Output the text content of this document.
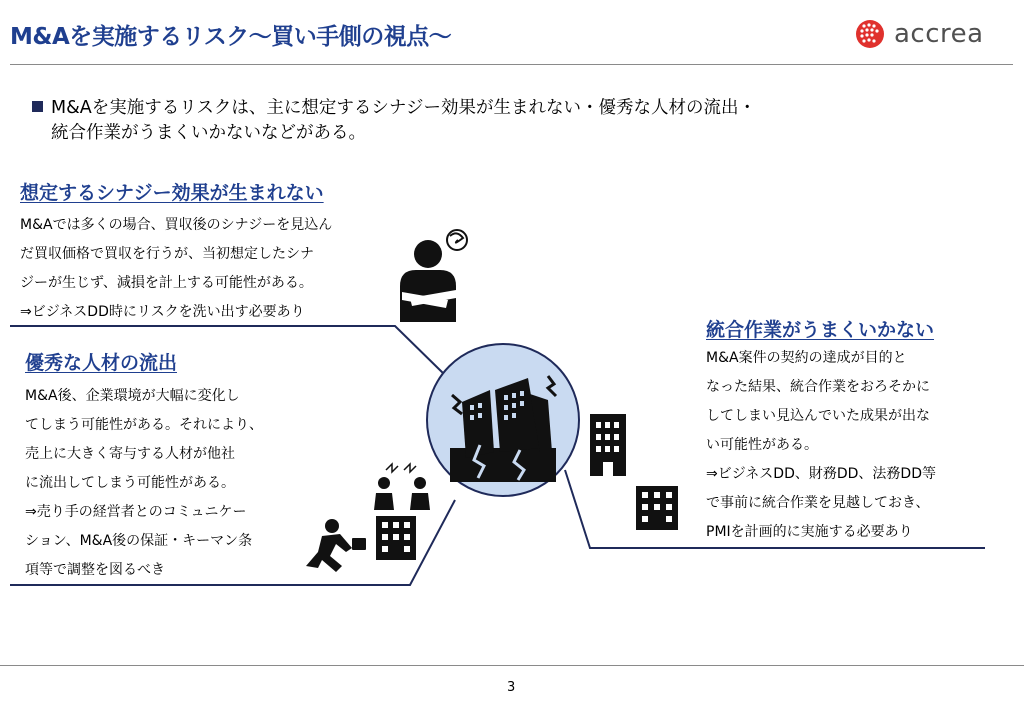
M&Aを実施するリスク～買い手側の視点～	accrea
M&Aを実施するリスクは、主に想定するシナジー効果が生まれない・優秀な人材の流出・
統合作業がうまくいかないなどがある。
想定するシナジー効果が生まれない
M&Aでは多くの場合、買収後のシナジーを見込ん
だ買収価格で買収を行うが、当初想定したシナ
ジーが生じず、減損を計上する可能性がある。
⇒ビジネスDD時にリスクを洗い出す必要あり
優秀な人材の流出
M&A後、企業環境が大幅に変化し
てしまう可能性がある。それにより、
売上に大きく寄与する人材が他社
に流出してしまう可能性がある。
⇒売り手の経営者とのコミュニケー
ション、M&A後の保証・キーマン条
項等で調整を図るべき
統合作業がうまくいかない
M&A案件の契約の達成が目的と
なった結果、統合作業をおろそかに
してしまい見込んでいた成果が出な
い可能性がある。
⇒ビジネスDD、財務DD、法務DD等
で事前に統合作業を見越しておき、
PMIを計画的に実施する必要あり
3
